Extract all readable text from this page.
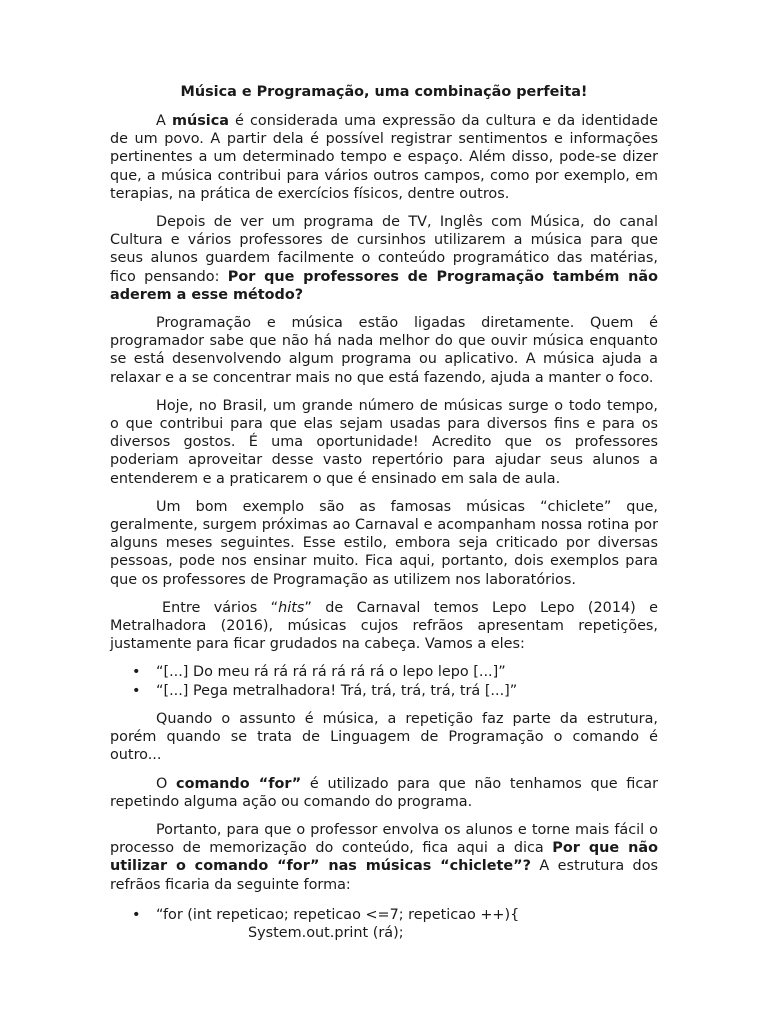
Música e Programação, uma combinação perfeita!

A música é considerada uma expressão da cultura e da identidade de um povo. A partir dela é possível registrar sentimentos e informações pertinentes a um determinado tempo e espaço. Além disso, pode-se dizer que, a música contribui para vários outros campos, como por exemplo, em terapias, na prática de exercícios físicos, dentre outros.

Depois de ver um programa de TV, Inglês com Música, do canal Cultura e vários professores de cursinhos utilizarem a música para que seus alunos guardem facilmente o conteúdo programático das matérias, fico pensando: Por que professores de Programação também não aderem a esse método?

Programação e música estão ligadas diretamente. Quem é programador sabe que não há nada melhor do que ouvir música enquanto se está desenvolvendo algum programa ou aplicativo. A música ajuda a relaxar e a se concentrar mais no que está fazendo, ajuda a manter o foco.

Hoje, no Brasil, um grande número de músicas surge o todo tempo, o que contribui para que elas sejam usadas para diversos fins e para os diversos gostos. É uma oportunidade! Acredito que os professores poderiam aproveitar desse vasto repertório para ajudar seus alunos a entenderem e a praticarem o que é ensinado em sala de aula.

Um bom exemplo são as famosas músicas “chiclete” que, geralmente, surgem próximas ao Carnaval e acompanham nossa rotina por alguns meses seguintes. Esse estilo, embora seja criticado por diversas pessoas, pode nos ensinar muito. Fica aqui, portanto, dois exemplos para que os professores de Programação as utilizem nos laboratórios.

Entre vários “hits” de Carnaval temos Lepo Lepo (2014) e Metralhadora (2016), músicas cujos refrãos apresentam repetições, justamente para ficar grudados na cabeça. Vamos a eles:

• “[...] Do meu rá rá rá rá rá rá rá o lepo lepo [...]”
• “[...] Pega metralhadora! Trá, trá, trá, trá, trá [...]”

Quando o assunto é música, a repetição faz parte da estrutura, porém quando se trata de Linguagem de Programação o comando é outro...

O comando “for” é utilizado para que não tenhamos que ficar repetindo alguma ação ou comando do programa.

Portanto, para que o professor envolva os alunos e torne mais fácil o processo de memorização do conteúdo, fica aqui a dica Por que não utilizar o comando “for” nas músicas “chiclete”? A estrutura dos refrãos ficaria da seguinte forma:

• “for (int repeticao; repeticao <=7; repeticao ++){
System.out.print (rá);
